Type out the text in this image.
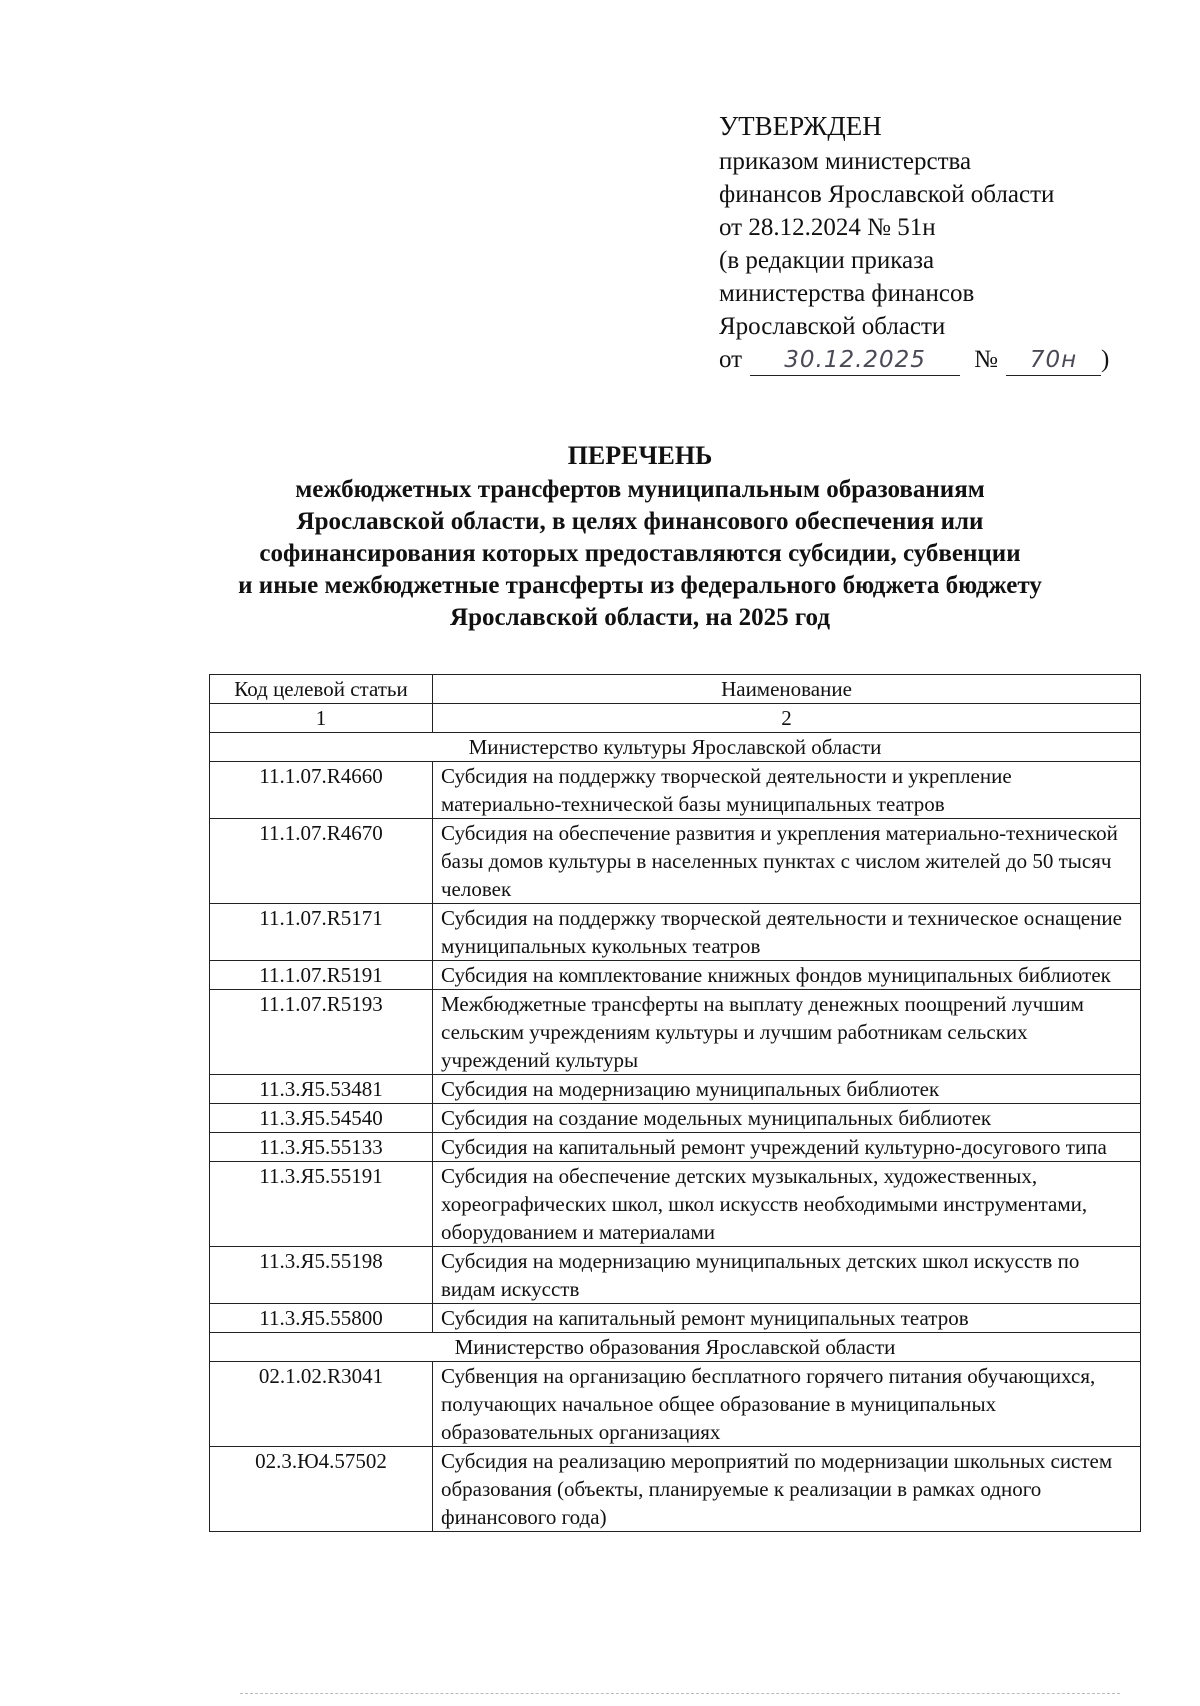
УТВЕРЖДЕН
приказом министерства
финансов Ярославской области
от 28.12.2024 № 51н
(в редакции приказа
министерства финансов
Ярославской области
от	30.12.2025	№	70н )
ПЕРЕЧЕНЬ
межбюджетных трансфертов муниципальным образованиям
Ярославской области, в целях финансового обеспечения или
софинансирования которых предоставляются субсидии, субвенции
и иные межбюджетные трансферты из федерального бюджета бюджету
Ярославской области, на 2025 год
Код целевой статьи	Наименование
1	2
Министерство культуры Ярославской области	
11.1.07.R4660	Субсидия на поддержку творческой деятельности и укрепление материально-технической базы муниципальных театров
11.1.07.R4670	Субсидия на обеспечение развития и укрепления материально-технической базы домов культуры в населенных пунктах с числом жителей до 50 тысяч человек
11.1.07.R5171	Субсидия на поддержку творческой деятельности и техническое оснащение муниципальных кукольных театров
11.1.07.R5191	Субсидия на комплектование книжных фондов муниципальных библиотек
11.1.07.R5193	Межбюджетные трансферты на выплату денежных поощрений лучшим сельским учреждениям культуры и лучшим работникам сельских учреждений культуры
11.3.Я5.53481	Субсидия на модернизацию муниципальных библиотек
11.3.Я5.54540	Субсидия на создание модельных муниципальных библиотек
11.3.Я5.55133	Субсидия на капитальный ремонт учреждений культурно-досугового типа
11.3.Я5.55191	Субсидия на обеспечение детских музыкальных, художественных, хореографических школ, школ искусств необходимыми инструментами, оборудованием и материалами
11.3.Я5.55198	Субсидия на модернизацию муниципальных детских школ искусств по видам искусств
11.3.Я5.55800	Субсидия на капитальный ремонт муниципальных театров
Министерство образования Ярославской области	
02.1.02.R3041	Субвенция на организацию бесплатного горячего питания обучающихся, получающих начальное общее образование в муниципальных образовательных организациях
02.3.Ю4.57502	Субсидия на реализацию мероприятий по модернизации школьных систем образования (объекты, планируемые к реализации в рамках одного финансового года)
